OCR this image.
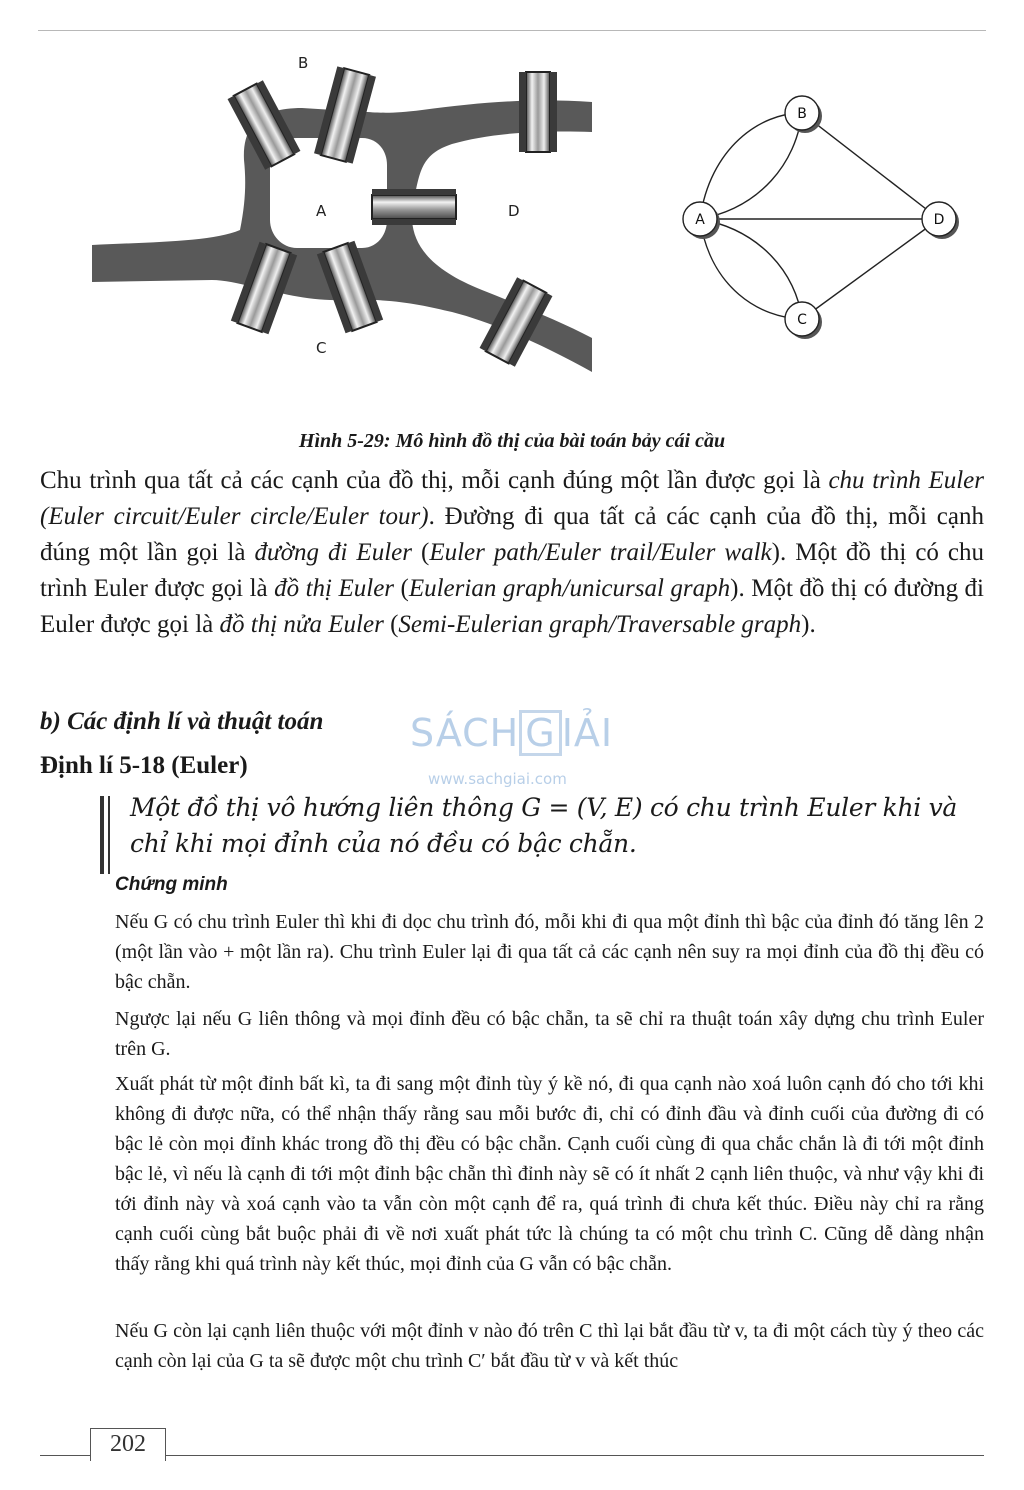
B
A	D
C
B
A	D
C
Hình 5-29: Mô hình đồ thị của bài toán bảy cái cầu

Chu trình qua tất cả các cạnh của đồ thị, mỗi cạnh đúng một lần được gọi là chu trình Euler (Euler circuit/Euler circle/Euler tour). Đường đi qua tất cả các cạnh của đồ thị, mỗi cạnh đúng một lần gọi là đường đi Euler (Euler path/Euler trail/Euler walk). Một đồ thị có chu trình Euler được gọi là đồ thị Euler (Eulerian graph/unicursal graph). Một đồ thị có đường đi Euler được gọi là đồ thị nửa Euler (Semi-Eulerian graph/Traversable graph).

b) Các định lí và thuật toán SÁCH G IẢI
www.sachgiai.com
Định lí 5-18 (Euler)

Một đồ thị vô hướng liên thông G = (V, E) có chu trình Euler khi và chỉ khi mọi đỉnh của nó đều có bậc chẵn.

Chứng minh

Nếu G có chu trình Euler thì khi đi dọc chu trình đó, mỗi khi đi qua một đỉnh thì bậc của đỉnh đó tăng lên 2 (một lần vào + một lần ra). Chu trình Euler lại đi qua tất cả các cạnh nên suy ra mọi đỉnh của đồ thị đều có bậc chẵn.

Ngược lại nếu G liên thông và mọi đỉnh đều có bậc chẵn, ta sẽ chỉ ra thuật toán xây dựng chu trình Euler trên G.

Xuất phát từ một đỉnh bất kì, ta đi sang một đỉnh tùy ý kề nó, đi qua cạnh nào xoá luôn cạnh đó cho tới khi không đi được nữa, có thể nhận thấy rằng sau mỗi bước đi, chỉ có đỉnh đầu và đỉnh cuối của đường đi có bậc lẻ còn mọi đỉnh khác trong đồ thị đều có bậc chẵn. Cạnh cuối cùng đi qua chắc chắn là đi tới một đỉnh bậc lẻ, vì nếu là cạnh đi tới một đỉnh bậc chẵn thì đỉnh này sẽ có ít nhất 2 cạnh liên thuộc, và như vậy khi đi tới đỉnh này và xoá cạnh vào ta vẫn còn một cạnh để ra, quá trình đi chưa kết thúc. Điều này chỉ ra rằng cạnh cuối cùng bắt buộc phải đi về nơi xuất phát tức là chúng ta có một chu trình C. Cũng dễ dàng nhận thấy rằng khi quá trình này kết thúc, mọi đỉnh của G vẫn có bậc chẵn.

Nếu G còn lại cạnh liên thuộc với một đỉnh v nào đó trên C thì lại bắt đầu từ v, ta đi một cách tùy ý theo các cạnh còn lại của G ta sẽ được một chu trình C′ bắt đầu từ v và kết thúc

202
